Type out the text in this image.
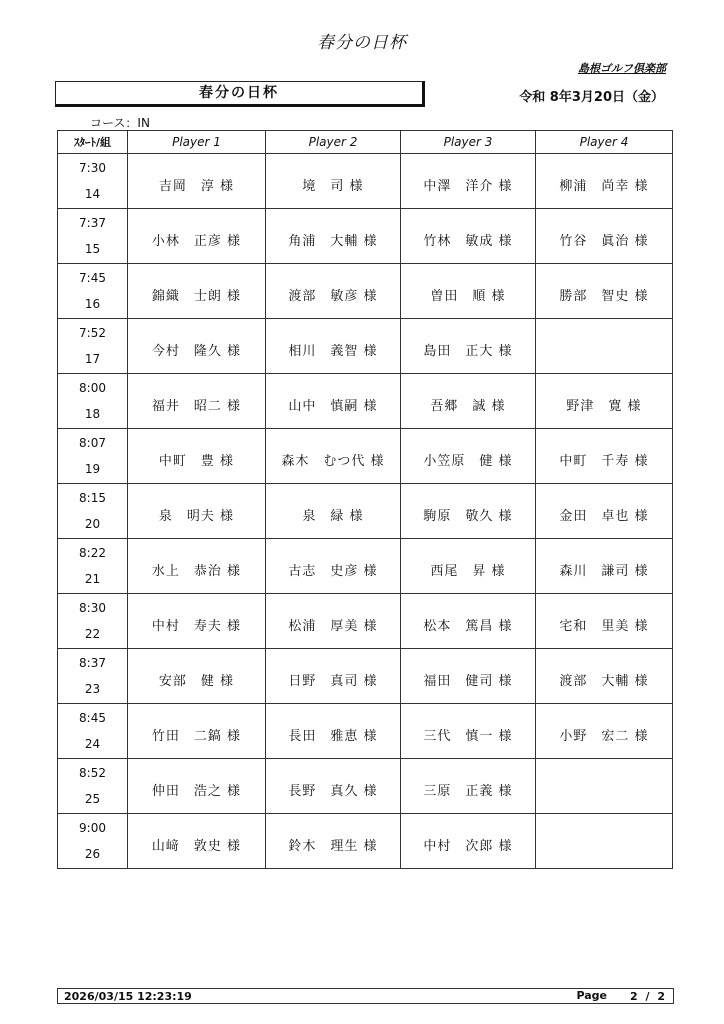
春分の日杯
島根ゴルフ倶楽部
春分の日杯	令和 8年3月20日（金）
コース：IN
ｽﾀｰﾄ/組	Player 1	Player 2	Player 3	Player 4

7:30
14	吉岡　淳 様	境　司 様	中澤　洋介 様	柳浦　尚幸 様

7:37
15	小林　正彦 様	角浦　大輔 様	竹林　敏成 様	竹谷　眞治 様

7:45
16	錦織　士朗 様	渡部　敏彦 様	曽田　順 様	勝部　智史 様

7:52
17	今村　隆久 様	相川　義智 様	島田　正大 様	

8:00
18	福井　昭二 様	山中　慎嗣 様	吾郷　誠 様	野津　寛 様

8:07
19	中町　豊 様	森木　むつ代 様	小笠原　健 様	中町　千寿 様

8:15
20	泉　明夫 様	泉　緑 様	駒原　敬久 様	金田　卓也 様

8:22
21	水上　恭治 様	古志　史彦 様	西尾　昇 様	森川　謙司 様

8:30
22	中村　寿夫 様	松浦　厚美 様	松本　篤昌 様	宅和　里美 様

8:37
23	安部　健 様	日野　真司 様	福田　健司 様	渡部　大輔 様

8:45
24	竹田　二鎬 様	長田　雅恵 様	三代　慎一 様	小野　宏二 様

8:52
25	仲田　浩之 様	長野　真久 様	三原　正義 様	

9:00
26	山﨑　敦史 様	鈴木　理生 様	中村　次郎 様	
2026/03/15 12:23:19	Page 2 / 2
